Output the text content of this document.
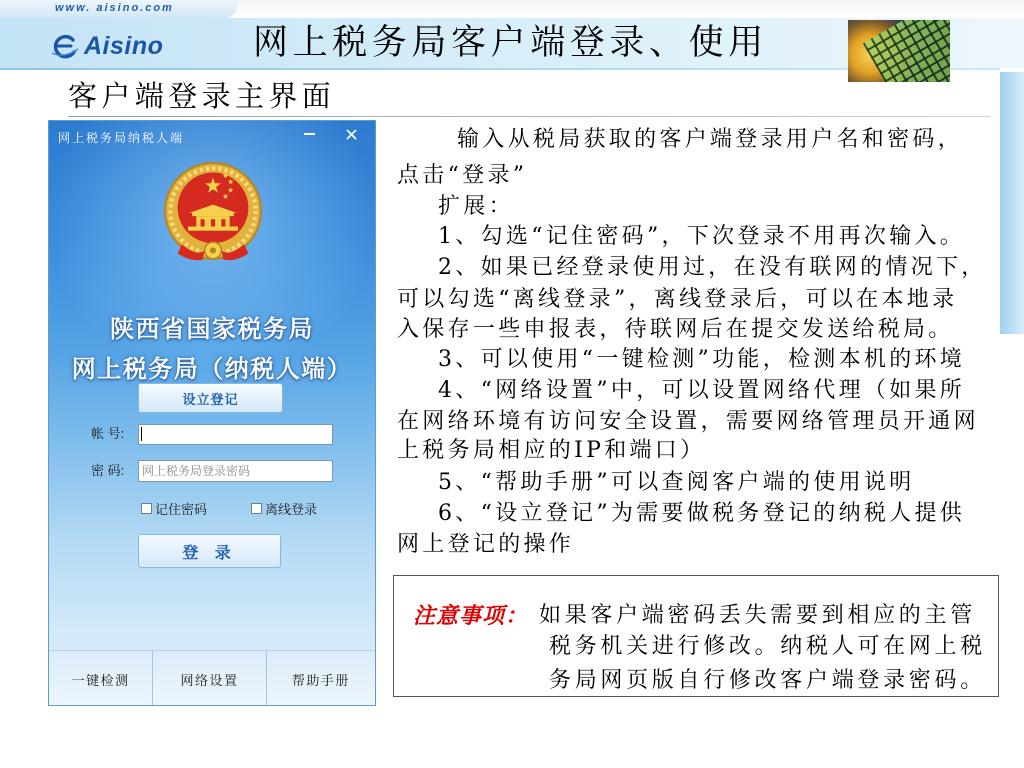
www. aisino.com
Aisino	网上税务局客户端登录、使用
客户端登录主界面
网上税务局纳税人端
陕西省国家税务局
网上税务局（纳税人端）
设立登记
帐 号:
密 码:
网上税务局登录密码
记住密码	离线登录
登 录
一键检测	网络设置	帮助手册
输入从税局获取的客户端登录用户名和密码，
点击“登录”
扩展：
1、勾选“记住密码”，下次登录不用再次输入。
2、如果已经登录使用过，在没有联网的情况下，
可以勾选“离线登录”，离线登录后，可以在本地录
入保存一些申报表，待联网后在提交发送给税局。
3、可以使用“一键检测”功能，检测本机的环境
4、“网络设置”中，可以设置网络代理（如果所
在网络环境有访问安全设置，需要网络管理员开通网
上税务局相应的IP和端口）
5、“帮助手册”可以查阅客户端的使用说明
6、“设立登记”为需要做税务登记的纳税人提供
网上登记的操作
注意事项： 如果客户端密码丢失需要到相应的主管
税务机关进行修改。纳税人可在网上税
务局网页版自行修改客户端登录密码。
